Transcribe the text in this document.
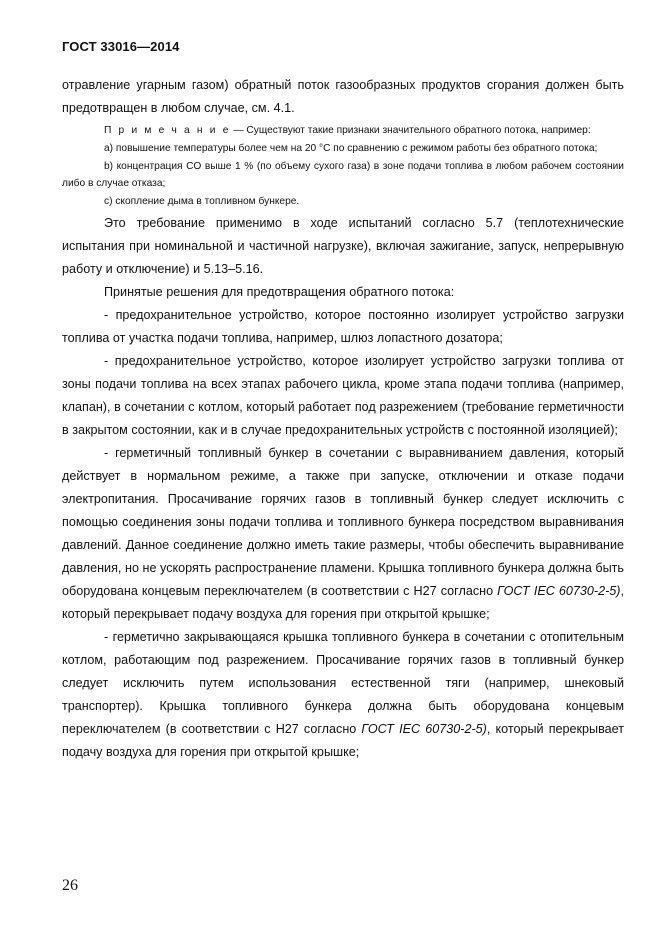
ГОСТ 33016—2014

отравление угарным газом) обратный поток газообразных продуктов сгорания должен быть предотвращен в любом случае, см. 4.1.

П р и м е ч а н и е — Существуют такие признаки значительного обратного потока, например:

a) повышение температуры более чем на 20 °C по сравнению с режимом работы без обратного потока;

b) концентрация CO выше 1 % (по объему сухого газа) в зоне подачи топлива в любом рабочем состоянии либо в случае отказа;

c) скопление дыма в топливном бункере.

Это требование применимо в ходе испытаний согласно 5.7 (теплотехнические испытания при номинальной и частичной нагрузке), включая зажигание, запуск, непрерывную работу и отключение) и 5.13–5.16.

Принятые решения для предотвращения обратного потока:

- предохранительное устройство, которое постоянно изолирует устройство загрузки топлива от участка подачи топлива, например, шлюз лопастного дозатора;

- предохранительное устройство, которое изолирует устройство загрузки топлива от зоны подачи топлива на всех этапах рабочего цикла, кроме этапа подачи топлива (например, клапан), в сочетании с котлом, который работает под разрежением (требование герметичности в закрытом состоянии, как и в случае предохранительных устройств с постоянной изоляцией);

- герметичный топливный бункер в сочетании с выравниванием давления, который действует в нормальном режиме, а также при запуске, отключении и отказе подачи электропитания. Просачивание горячих газов в топливный бункер следует исключить с помощью соединения зоны подачи топлива и топливного бункера посредством выравнивания давлений. Данное соединение должно иметь такие размеры, чтобы обеспечить выравнивание давления, но не ускорять распространение пламени. Крышка топливного бункера должна быть оборудована концевым переключателем (в соответствии с H27 согласно ГОСТ IEC 60730-2-5), который перекрывает подачу воздуха для горения при открытой крышке;

- герметично закрывающаяся крышка топливного бункера в сочетании с отопительным котлом, работающим под разрежением. Просачивание горячих газов в топливный бункер следует исключить путем использования естественной тяги (например, шнековый транспортер). Крышка топливного бункера должна быть оборудована концевым переключателем (в соответствии с H27 согласно ГОСТ IEC 60730-2-5), который перекрывает подачу воздуха для горения при открытой крышке;

26
